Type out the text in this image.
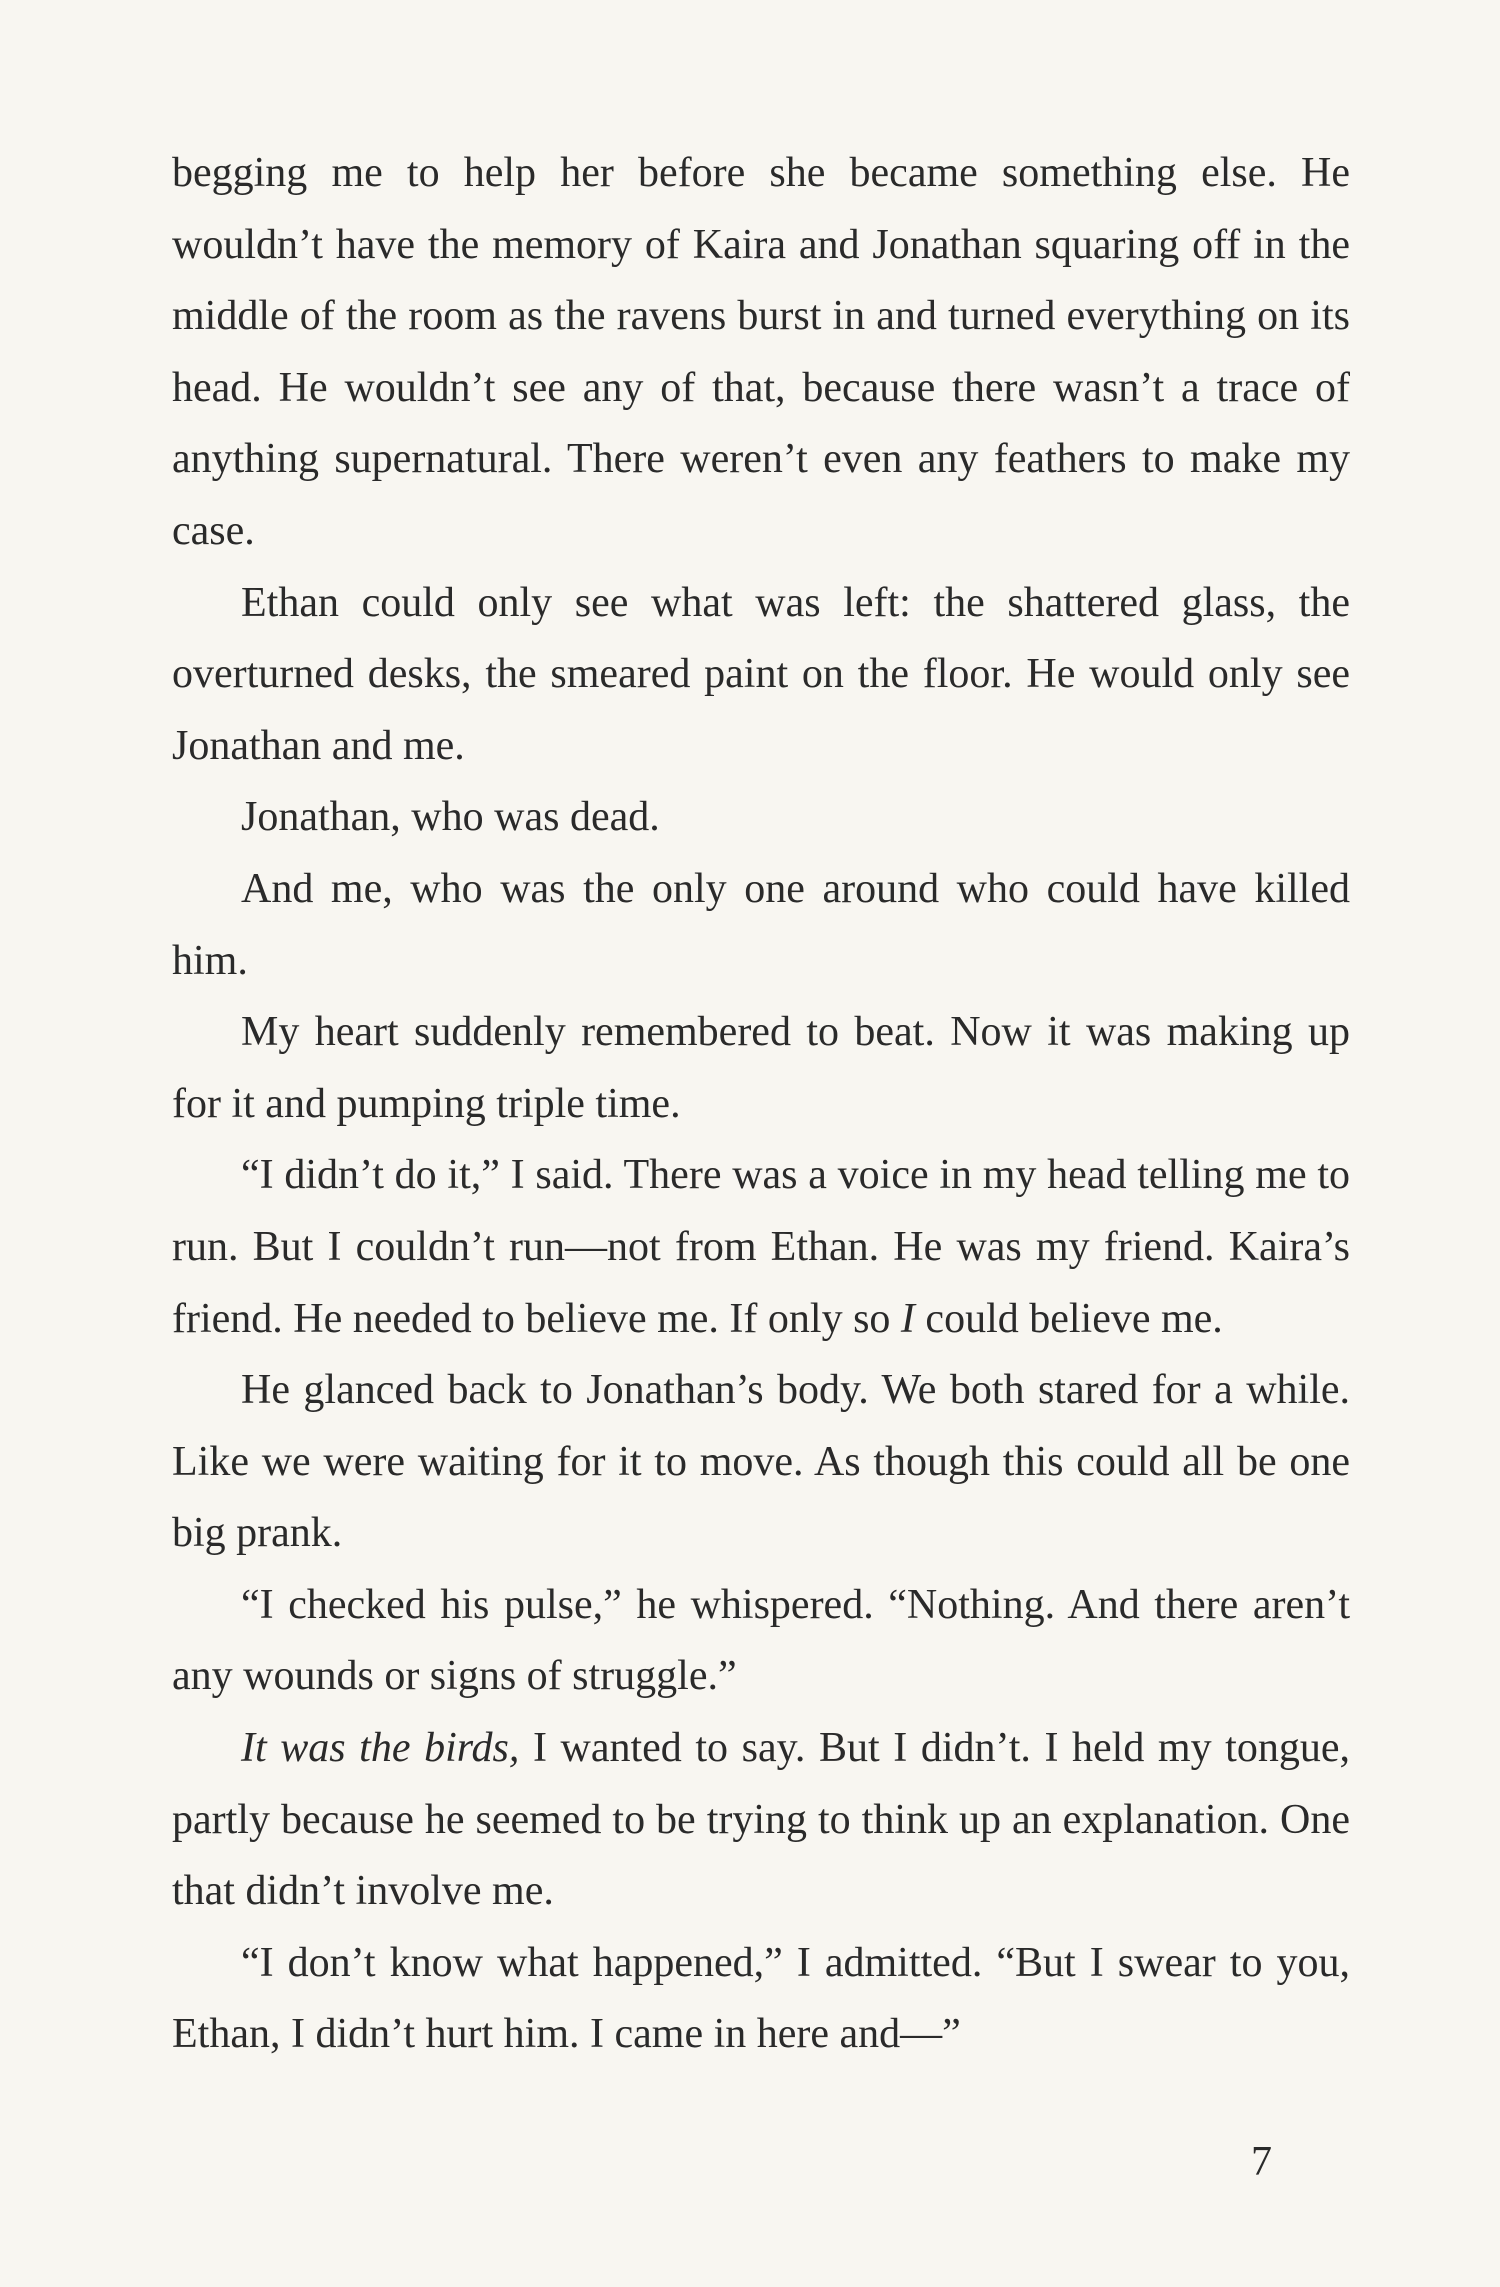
begging me to help her before she became something else. He wouldn’t have the memory of Kaira and Jonathan squaring off in the middle of the room as the ravens burst in and turned everything on its head. He wouldn’t see any of that, because there wasn’t a trace of anything supernatural. There weren’t even any feathers to make my case.

Ethan could only see what was left: the shattered glass, the overturned desks, the smeared paint on the floor. He would only see Jonathan and me.

Jonathan, who was dead.

And me, who was the only one around who could have killed him.

My heart suddenly remembered to beat. Now it was making up for it and pumping triple time.

“I didn’t do it,” I said. There was a voice in my head telling me to run. But I couldn’t run—not from Ethan. He was my friend. Kaira’s friend. He needed to believe me. If only so I could believe me.

He glanced back to Jonathan’s body. We both stared for a while. Like we were waiting for it to move. As though this could all be one big prank.

“I checked his pulse,” he whispered. “Nothing. And there aren’t any wounds or signs of struggle.”

It was the birds, I wanted to say. But I didn’t. I held my tongue, partly because he seemed to be trying to think up an explanation. One that didn’t involve me.

“I don’t know what happened,” I admitted. “But I swear to you, Ethan, I didn’t hurt him. I came in here and—”

7
